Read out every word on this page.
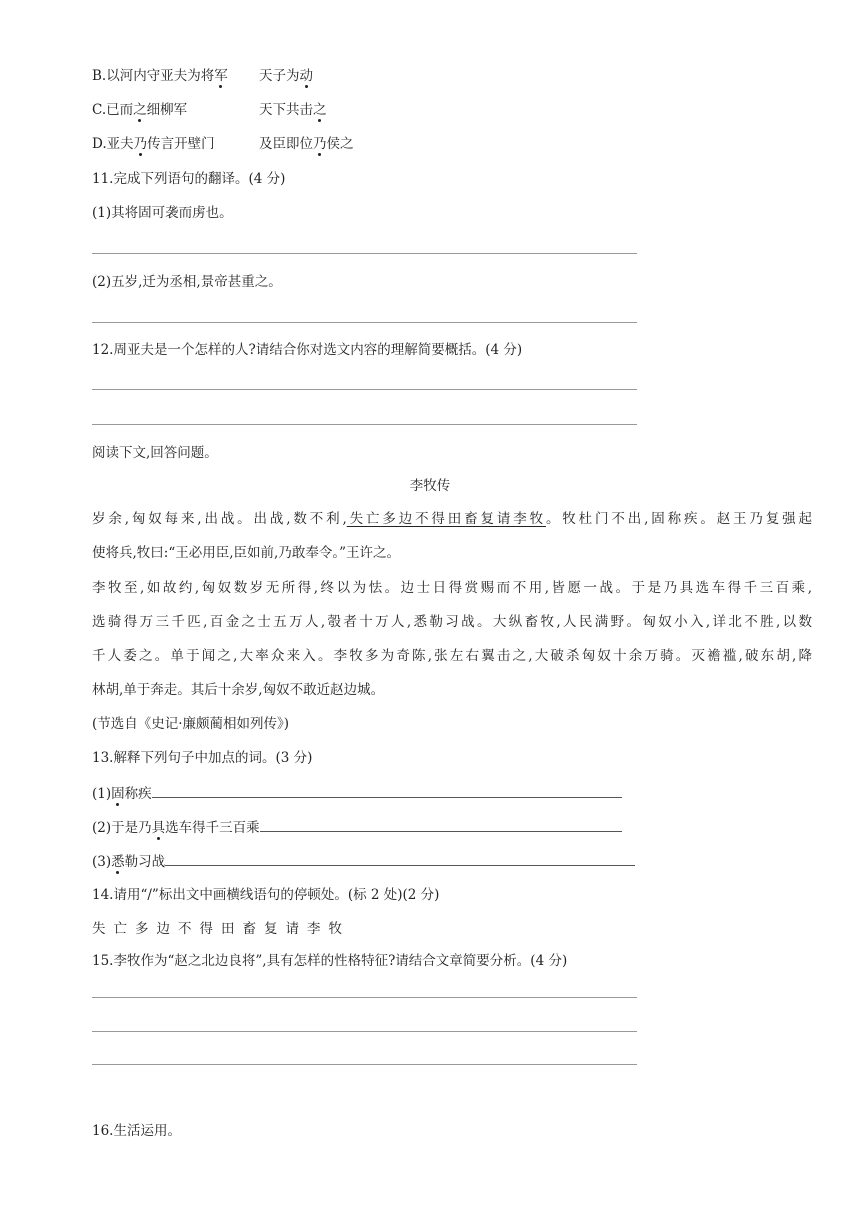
B.以河内守亚夫为将军 天子为动
C.已而之细柳军	天下共击之
D.亚夫乃传言开壁门	及臣即位乃侯之
11.完成下列语句的翻译。(4 分)
(1)其将固可袭而虏也。
(2)五岁,迁为丞相,景帝甚重之。
12.周亚夫是一个怎样的人?请结合你对选文内容的理解简要概括。(4 分)
阅读下文,回答问题。
李牧传
岁余,匈奴每来,出战。出战,数不利,失亡多边不得田畜复请李牧。牧杜门不出,固称疾。赵王乃复强起
使将兵,牧曰:“王必用臣,臣如前,乃敢奉令。”王许之。
李牧至,如故约,匈奴数岁无所得,终以为怯。边士日得赏赐而不用,皆愿一战。于是乃具选车得千三百乘,
选骑得万三千匹,百金之士五万人,彀者十万人,悉勒习战。大纵畜牧,人民满野。匈奴小入,详北不胜,以数
千人委之。单于闻之,大率众来入。李牧多为奇陈,张左右翼击之,大破杀匈奴十余万骑。灭襜褴,破东胡,降
林胡,单于奔走。其后十余岁,匈奴不敢近赵边城。
(节选自《史记·廉颇蔺相如列传》)
13.解释下列句子中加点的词。(3 分)
(1)固称疾
(2)于是乃具选车得千三百乘
(3)悉勒习战
14.请用“/”标出文中画横线语句的停顿处。(标 2 处)(2 分)
失亡多边不得田畜复请李牧
15.李牧作为“赵之北边良将”,具有怎样的性格特征?请结合文章简要分析。(4 分)
16.生活运用。
